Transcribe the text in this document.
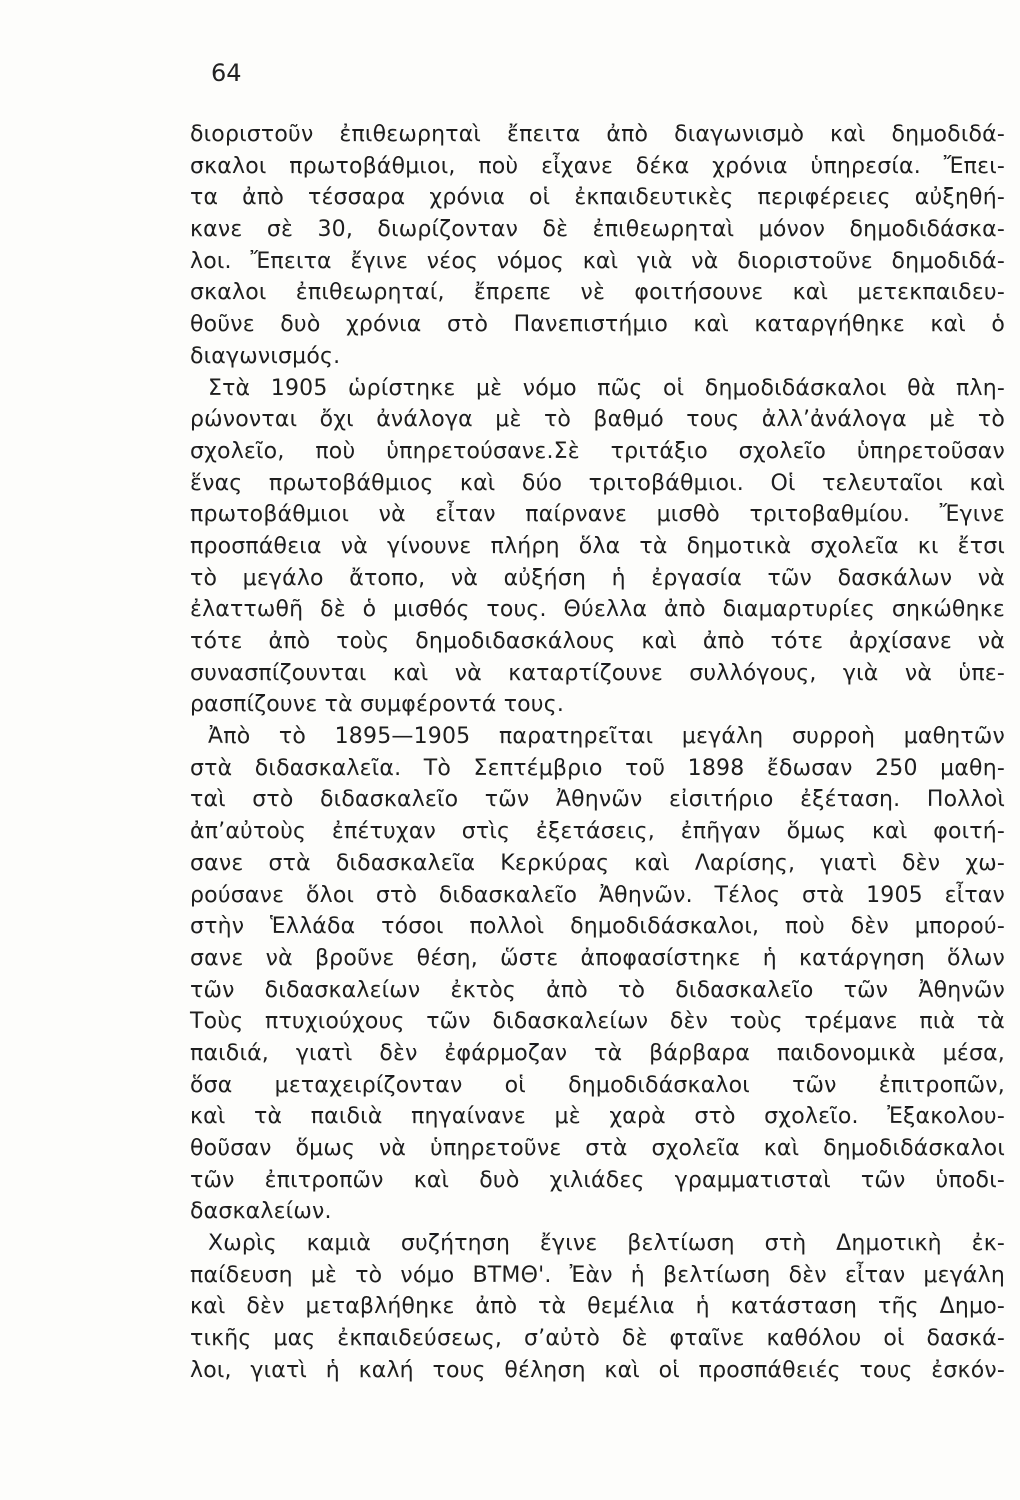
64
διοριστοῦν ἐπιθεωρηταὶ ἔπειτα ἀπὸ διαγωνισμὸ καὶ δημοδιδά-
σκαλοι πρωτοβάθμιοι, ποὺ εἶχανε δέκα χρόνια ὑπηρεσία. Ἔπει-
τα ἀπὸ τέσσαρα χρόνια οἱ ἐκπαιδευτικὲς περιφέρειες αὐξηθή-
κανε σὲ 30, διωρίζονταν δὲ ἐπιθεωρηταὶ μόνον δημοδιδάσκα-
λοι. Ἔπειτα ἔγινε νέος νόμος καὶ γιὰ νὰ διοριστοῦνε δημοδιδά-
σκαλοι ἐπιθεωρηταί, ἔπρεπε νὲ φοιτήσουνε καὶ μετεκπαιδευ-
θοῦνε δυὸ χρόνια στὸ Πανεπιστήμιο καὶ καταργήθηκε καὶ ὁ
διαγωνισμός.
Στὰ 1905 ὡρίστηκε μὲ νόμο πῶς οἱ δημοδιδάσκαλοι θὰ πλη-
ρώνονται ὄχι ἀνάλογα μὲ τὸ βαθμό τους ἀλλ’ἀνάλογα μὲ τὸ
σχολεῖο, ποὺ ὑπηρετούσανε.Σὲ τριτάξιο σχολεῖο ὑπηρετοῦσαν
ἕνας πρωτοβάθμιος καὶ δύο τριτοβάθμιοι. Οἱ τελευταῖοι καὶ
πρωτοβάθμιοι νὰ εἶταν παίρνανε μισθὸ τριτοβαθμίου. Ἔγινε
προσπάθεια νὰ γίνουνε πλήρη ὅλα τὰ δημοτικὰ σχολεῖα κι ἔτσι
τὸ μεγάλο ἄτοπο, νὰ αὐξήση ἡ ἐργασία τῶν δασκάλων νὰ
ἐλαττωθῆ δὲ ὁ μισθός τους. Θύελλα ἀπὸ διαμαρτυρίες σηκώθηκε
τότε ἀπὸ τοὺς δημοδιδασκάλους καὶ ἀπὸ τότε ἀρχίσανε νὰ
συνασπίζουνται καὶ νὰ καταρτίζουνε συλλόγους, γιὰ νὰ ὑπε-
ρασπίζουνε τὰ συμφέροντά τους.
Ἀπὸ τὸ 1895—1905 παρατηρεῖται μεγάλη συρροὴ μαθητῶν
στὰ διδασκαλεῖα. Τὸ Σεπτέμβριο τοῦ 1898 ἔδωσαν 250 μαθη-
ταὶ στὸ διδασκαλεῖο τῶν Ἀθηνῶν εἰσιτήριο ἐξέταση. Πολλοὶ
ἀπ’αὐτοὺς ἐπέτυχαν στὶς ἐξετάσεις, ἐπῆγαν ὅμως καὶ φοιτή-
σανε στὰ διδασκαλεῖα Κερκύρας καὶ Λαρίσης, γιατὶ δὲν χω-
ρούσανε ὅλοι στὸ διδασκαλεῖο Ἀθηνῶν. Τέλος στὰ 1905 εἶταν
στὴν Ἑλλάδα τόσοι πολλοὶ δημοδιδάσκαλοι, ποὺ δὲν μπορού-
σανε νὰ βροῦνε θέση, ὥστε ἀποφασίστηκε ἡ κατάργηση ὅλων
τῶν διδασκαλείων ἐκτὸς ἀπὸ τὸ διδασκαλεῖο τῶν Ἀθηνῶν
Τοὺς πτυχιούχους τῶν διδασκαλείων δὲν τοὺς τρέμανε πιὰ τὰ
παιδιά, γιατὶ δὲν ἐφάρμοζαν τὰ βάρβαρα παιδονομικὰ μέσα,
ὅσα μεταχειρίζονταν οἱ δημοδιδάσκαλοι τῶν ἐπιτροπῶν,
καὶ τὰ παιδιὰ πηγαίνανε μὲ χαρὰ στὸ σχολεῖο. Ἐξακολου-
θοῦσαν ὅμως νὰ ὑπηρετοῦνε στὰ σχολεῖα καὶ δημοδιδάσκαλοι
τῶν ἐπιτροπῶν καὶ δυὸ χιλιάδες γραμματισταὶ τῶν ὑποδι-
δασκαλείων.
Χωρὶς καμιὰ συζήτηση ἔγινε βελτίωση στὴ Δημοτικὴ ἐκ-
παίδευση μὲ τὸ νόμο ΒΤΜΘ'. Ἐὰν ἡ βελτίωση δὲν εἶταν μεγάλη
καὶ δὲν μεταβλήθηκε ἀπὸ τὰ θεμέλια ἡ κατάσταση τῆς Δημο-
τικῆς μας ἐκπαιδεύσεως, σ’αὐτὸ δὲ φταῖνε καθόλου οἱ δασκά-
λοι, γιατὶ ἡ καλή τους θέληση καὶ οἱ προσπάθειές τους ἐσκόν-
